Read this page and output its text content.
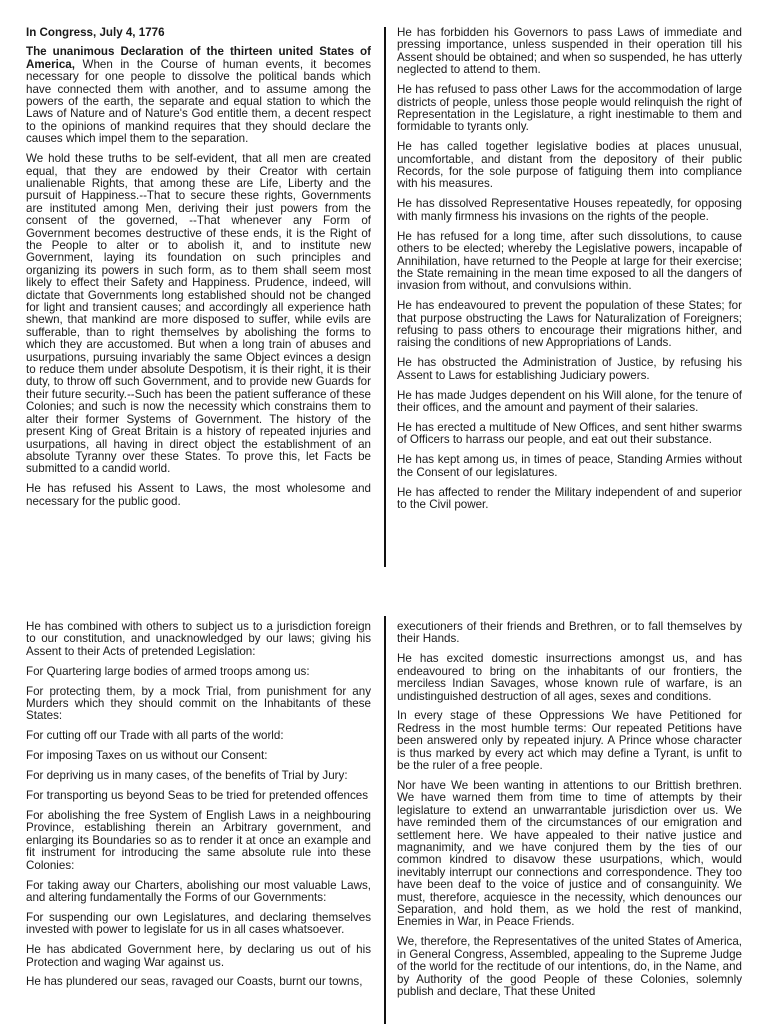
In Congress, July 4, 1776

The unanimous Declaration of the thirteen united States of America, When in the Course of human events, it becomes necessary for one people to dissolve the political bands which have connected them with another, and to assume among the powers of the earth, the separate and equal station to which the Laws of Nature and of Nature's God entitle them, a decent respect to the opinions of mankind requires that they should declare the causes which impel them to the separation.

We hold these truths to be self-evident, that all men are created equal, that they are endowed by their Creator with certain unalienable Rights, that among these are Life, Liberty and the pursuit of Happiness.--That to secure these rights, Governments are instituted among Men, deriving their just powers from the consent of the governed, --That whenever any Form of Government becomes destructive of these ends, it is the Right of the People to alter or to abolish it, and to institute new Government, laying its foundation on such principles and organizing its powers in such form, as to them shall seem most likely to effect their Safety and Happiness. Prudence, indeed, will dictate that Governments long established should not be changed for light and transient causes; and accordingly all experience hath shewn, that mankind are more disposed to suffer, while evils are sufferable, than to right themselves by abolishing the forms to which they are accustomed. But when a long train of abuses and usurpations, pursuing invariably the same Object evinces a design to reduce them under absolute Despotism, it is their right, it is their duty, to throw off such Government, and to provide new Guards for their future security.--Such has been the patient sufferance of these Colonies; and such is now the necessity which constrains them to alter their former Systems of Government. The history of the present King of Great Britain is a history of repeated injuries and usurpations, all having in direct object the establishment of an absolute Tyranny over these States. To prove this, let Facts be submitted to a candid world.

He has refused his Assent to Laws, the most wholesome and necessary for the public good.

He has forbidden his Governors to pass Laws of immediate and pressing importance, unless suspended in their operation till his Assent should be obtained; and when so suspended, he has utterly neglected to attend to them.

He has refused to pass other Laws for the accommodation of large districts of people, unless those people would relinquish the right of Representation in the Legislature, a right inestimable to them and formidable to tyrants only.

He has called together legislative bodies at places unusual, uncomfortable, and distant from the depository of their public Records, for the sole purpose of fatiguing them into compliance with his measures.

He has dissolved Representative Houses repeatedly, for opposing with manly firmness his invasions on the rights of the people.

He has refused for a long time, after such dissolutions, to cause others to be elected; whereby the Legislative powers, incapable of Annihilation, have returned to the People at large for their exercise; the State remaining in the mean time exposed to all the dangers of invasion from without, and convulsions within.

He has endeavoured to prevent the population of these States; for that purpose obstructing the Laws for Naturalization of Foreigners; refusing to pass others to encourage their migrations hither, and raising the conditions of new Appropriations of Lands.

He has obstructed the Administration of Justice, by refusing his Assent to Laws for establishing Judiciary powers.

He has made Judges dependent on his Will alone, for the tenure of their offices, and the amount and payment of their salaries.

He has erected a multitude of New Offices, and sent hither swarms of Officers to harrass our people, and eat out their substance.

He has kept among us, in times of peace, Standing Armies without the Consent of our legislatures.

He has affected to render the Military independent of and superior to the Civil power.

He has combined with others to subject us to a jurisdiction foreign to our constitution, and unacknowledged by our laws; giving his Assent to their Acts of pretended Legislation:

For Quartering large bodies of armed troops among us:

For protecting them, by a mock Trial, from punishment for any Murders which they should commit on the Inhabitants of these States:

For cutting off our Trade with all parts of the world:

For imposing Taxes on us without our Consent:

For depriving us in many cases, of the benefits of Trial by Jury:

For transporting us beyond Seas to be tried for pretended offences

For abolishing the free System of English Laws in a neighbouring Province, establishing therein an Arbitrary government, and enlarging its Boundaries so as to render it at once an example and fit instrument for introducing the same absolute rule into these Colonies:

For taking away our Charters, abolishing our most valuable Laws, and altering fundamentally the Forms of our Governments:

For suspending our own Legislatures, and declaring themselves invested with power to legislate for us in all cases whatsoever.

He has abdicated Government here, by declaring us out of his Protection and waging War against us.

He has plundered our seas, ravaged our Coasts, burnt our towns,

executioners of their friends and Brethren, or to fall themselves by their Hands.

He has excited domestic insurrections amongst us, and has endeavoured to bring on the inhabitants of our frontiers, the merciless Indian Savages, whose known rule of warfare, is an undistinguished destruction of all ages, sexes and conditions.

In every stage of these Oppressions We have Petitioned for Redress in the most humble terms: Our repeated Petitions have been answered only by repeated injury. A Prince whose character is thus marked by every act which may define a Tyrant, is unfit to be the ruler of a free people.

Nor have We been wanting in attentions to our Brittish brethren. We have warned them from time to time of attempts by their legislature to extend an unwarrantable jurisdiction over us. We have reminded them of the circumstances of our emigration and settlement here. We have appealed to their native justice and magnanimity, and we have conjured them by the ties of our common kindred to disavow these usurpations, which, would inevitably interrupt our connections and correspondence. They too have been deaf to the voice of justice and of consanguinity. We must, therefore, acquiesce in the necessity, which denounces our Separation, and hold them, as we hold the rest of mankind, Enemies in War, in Peace Friends.

We, therefore, the Representatives of the united States of America, in General Congress, Assembled, appealing to the Supreme Judge of the world for the rectitude of our intentions, do, in the Name, and by Authority of the good People of these Colonies, solemnly publish and declare, That these United
